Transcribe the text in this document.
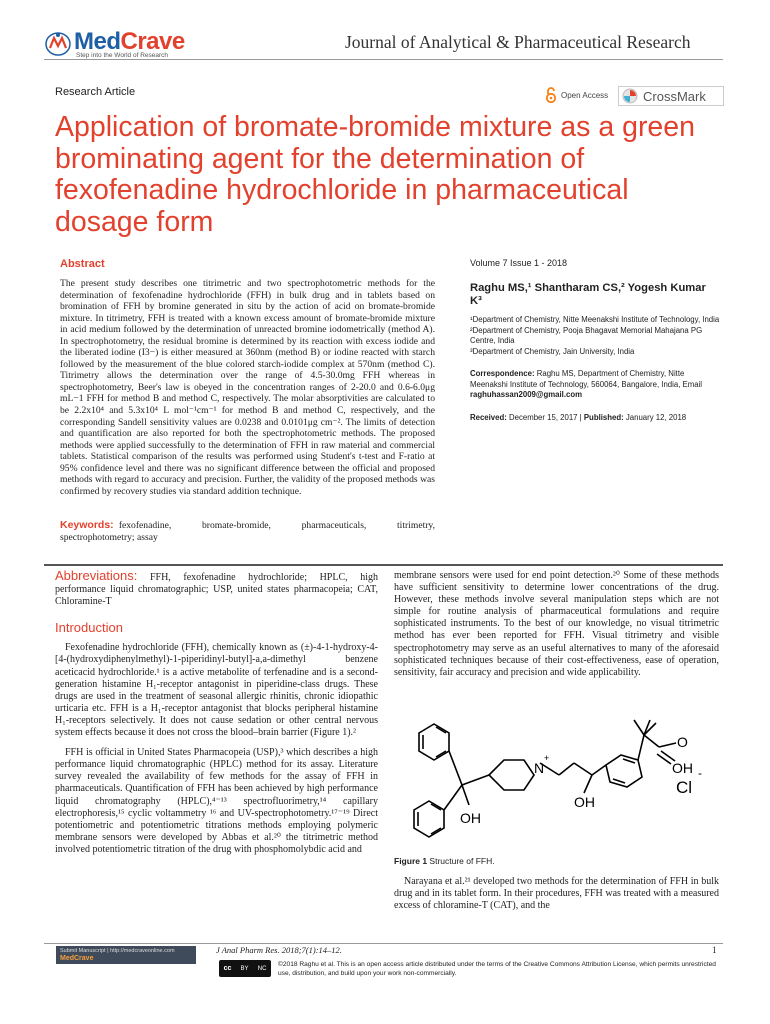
MedCrave
Step into the World of Research
Journal of Analytical & Pharmaceutical Research
Research Article	Open Access	CrossMark
Application of bromate-bromide mixture as a green brominating agent for the determination of fexofenadine hydrochloride in pharmaceutical dosage form
Abstract
The present study describes one titrimetric and two spectrophotometric methods for the determination of fexofenadine hydrochloride (FFH) in bulk drug and in tablets based on bromination of FFH by bromine generated in situ by the action of acid on bromate-bromide mixture. In titrimetry, FFH is treated with a known excess amount of bromate-bromide mixture in acid medium followed by the determination of unreacted bromine iodometrically (method A). In spectrophotometry, the residual bromine is determined by its reaction with excess iodide and the liberated iodine (I3−) is either measured at 360nm (method B) or iodine reacted with starch followed by the measurement of the blue colored starch-iodide complex at 570nm (method C). Titrimetry allows the determination over the range of 4.5-30.0mg FFH whereas in spectrophotometry, Beer's law is obeyed in the concentration ranges of 2-20.0 and 0.6-6.0μg mL−1 FFH for method B and method C, respectively. The molar absorptivities are calculated to be 2.2x10⁴ and 5.3x10⁴ L mol⁻¹cm⁻¹ for method B and method C, respectively, and the corresponding Sandell sensitivity values are 0.0238 and 0.0101μg cm⁻². The limits of detection and quantification are also reported for both the spectrophotometric methods. The proposed methods were applied successfully to the determination of FFH in raw material and commercial tablets. Statistical comparison of the results was performed using Student's t-test and F-ratio at 95% confidence level and there was no significant difference between the official and proposed methods with regard to accuracy and precision. Further, the validity of the proposed methods was confirmed by recovery studies via standard addition technique.
Keywords: fexofenadine,      bromate-bromide,      pharmaceuticals,      titrimetry, spectrophotometry; assay
Volume 7 Issue 1 - 2018
Raghu MS,¹ Shantharam CS,² Yogesh Kumar K³
¹Department of Chemistry, Nitte Meenakshi Institute of Technology, India
²Department of Chemistry, Pooja Bhagavat Memorial Mahajana PG Centre, India
³Department of Chemistry, Jain University, India
Correspondence: Raghu MS, Department of Chemistry, Nitte Meenakshi Institute of Technology, 560064, Bangalore, India, Email raghuhassan2009@gmail.com
Received: December 15, 2017 | Published: January 12, 2018

Abbreviations: FFH, fexofenadine hydrochloride; HPLC, high performance liquid chromatographic; USP, united states pharmacopeia; CAT, Chloramine-T

Introduction

Fexofenadine hydrochloride (FFH), chemically known as (±)-4-1-hydroxy-4-[4-(hydroxydiphenylmethyl)-1-piperidinyl-butyl]-a,a-dimethyl benzene aceticacid hydrochloride.¹ is a active metabolite of terfenadine and is a second-generation histamine H₁-receptor antagonist in piperidine-class drugs. These drugs are used in the treatment of seasonal allergic rhinitis, chronic idiopathic urticaria etc. FFH is a H₁-receptor antagonist that blocks peripheral histamine H₁-receptors selectively. It does not cause sedation or other central nervous system effects because it does not cross the blood–brain barrier (Figure 1).²

FFH is official in United States Pharmacopeia (USP),³ which describes a high performance liquid chromatographic (HPLC) method for its assay. Literature survey revealed the availability of few methods for the assay of FFH in pharmaceuticals. Quantification of FFH has been achieved by high performance liquid chromatography (HPLC),⁴⁻¹³ spectrofluorimetry,¹⁴ capillary electrophoresis,¹⁵ cyclic voltammetry ¹⁶ and UV-spectrophotometry.¹⁷⁻¹⁹ Direct potentiometric and potentiometric titrations methods employing polymeric membrane sensors were developed by Abbas et al.²⁰ the titrimetric method involved potentiometric titration of the drug with phosphomolybdic acid and

membrane sensors were used for end point detection.²⁰ Some of these methods have sufficient sensitivity to determine lower concentrations of the drug. However, these methods involve several manipulation steps which are not simple for routine analysis of pharmaceutical formulations and require sophisticated instruments. To the best of our knowledge, no visual titrimetric method has ever been reported for FFH. Visual titrimetry and visible spectrophotometry may serve as an useful alternatives to many of the aforesaid sophisticated techniques because of their cost-effectiveness, ease of operation, sensitivity, fair accuracy and precision and wide applicability.
N
+
OH
OH
O
OH
Cl
-
Figure 1 Structure of FFH.

Narayana et al.²¹ developed two methods for the determination of FFH in bulk drug and in its tablet form. In their procedures, FFH was treated with a measured excess of chloramine-T (CAT), and the

Submit Manuscript | http://medcraveonline.com
MedCrave
J Anal Pharm Res. 2018;7(1):14‒12.	1
cc BY NC
©2018 Raghu et al. This is an open access article distributed under the terms of the Creative Commons Attribution License, which permits unrestricted use, distribution, and build upon your work non-commercially.
